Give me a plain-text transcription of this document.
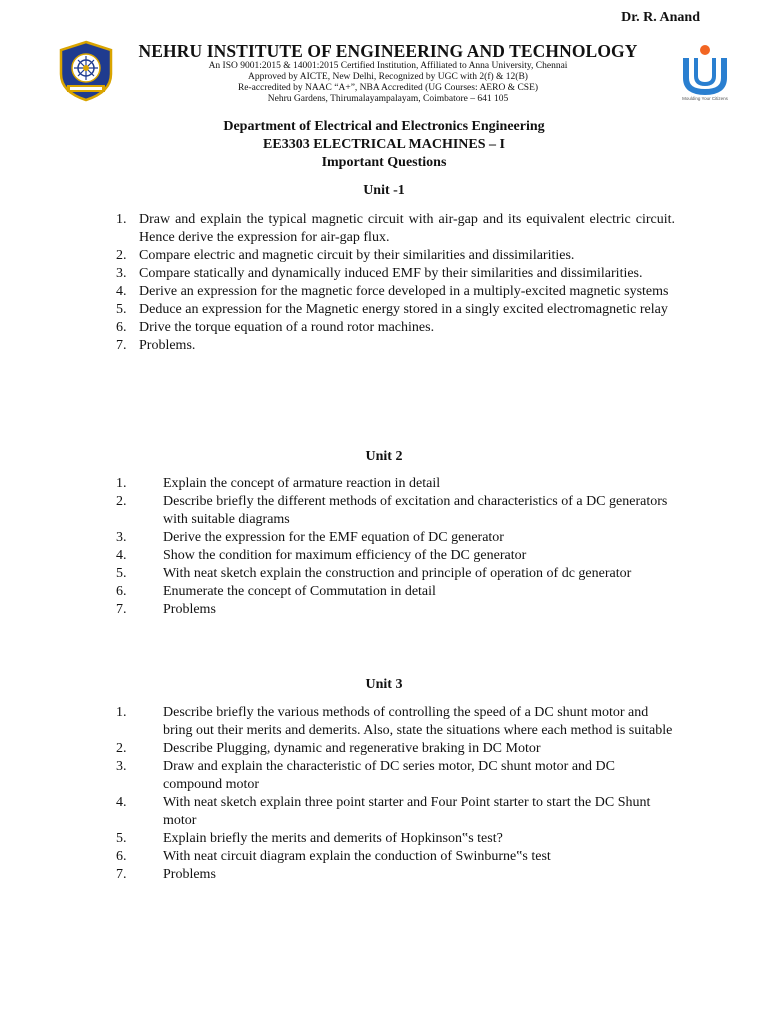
Dr. R. Anand
Moulding Your Citizens
NEHRU INSTITUTE OF ENGINEERING AND TECHNOLOGY
An ISO 9001:2015 & 14001:2015 Certified Institution, Affiliated to Anna University, Chennai
Approved by AICTE, New Delhi, Recognized by UGC with 2(f) & 12(B)
Re-accredited by NAAC “A+”, NBA Accredited (UG Courses: AERO & CSE)
Nehru Gardens, Thirumalayampalayam, Coimbatore – 641 105
Department of Electrical and Electronics Engineering
EE3303 ELECTRICAL MACHINES – I
Important Questions
Unit -1
1. Draw and explain the typical magnetic circuit with air-gap and its equivalent electric circuit. Hence derive the expression for air-gap flux.
2. Compare electric and magnetic circuit by their similarities and dissimilarities.
3. Compare statically and dynamically induced EMF by their similarities and dissimilarities.
4. Derive an expression for the magnetic force developed in a multiply-excited magnetic systems
5. Deduce an expression for the Magnetic energy stored in a singly excited electromagnetic relay
6. Drive the torque equation of a round rotor machines.
7. Problems.
Unit 2
1.	Explain the concept of armature reaction in detail
2.	Describe briefly the different methods of excitation and characteristics of a DC generators with suitable diagrams
3.	Derive the expression for the EMF equation of DC generator
4.	Show the condition for maximum efficiency of the DC generator
5.	With neat sketch explain the construction and principle of operation of dc generator
6.	Enumerate the concept of Commutation in detail
7.	Problems
Unit 3
1.	Describe briefly the various methods of controlling the speed of a DC shunt motor and bring out their merits and demerits. Also, state the situations where each method is suitable
2.	Describe Plugging, dynamic and regenerative braking in DC Motor
3.	Draw and explain the characteristic of DC series motor, DC shunt motor and DC compound motor
4.	With neat sketch explain three point starter and Four Point starter to start the DC Shunt motor
5.	Explain briefly the merits and demerits of Hopkinson‟s test?
6.	With neat circuit diagram explain the conduction of Swinburne‟s test
7.	Problems
